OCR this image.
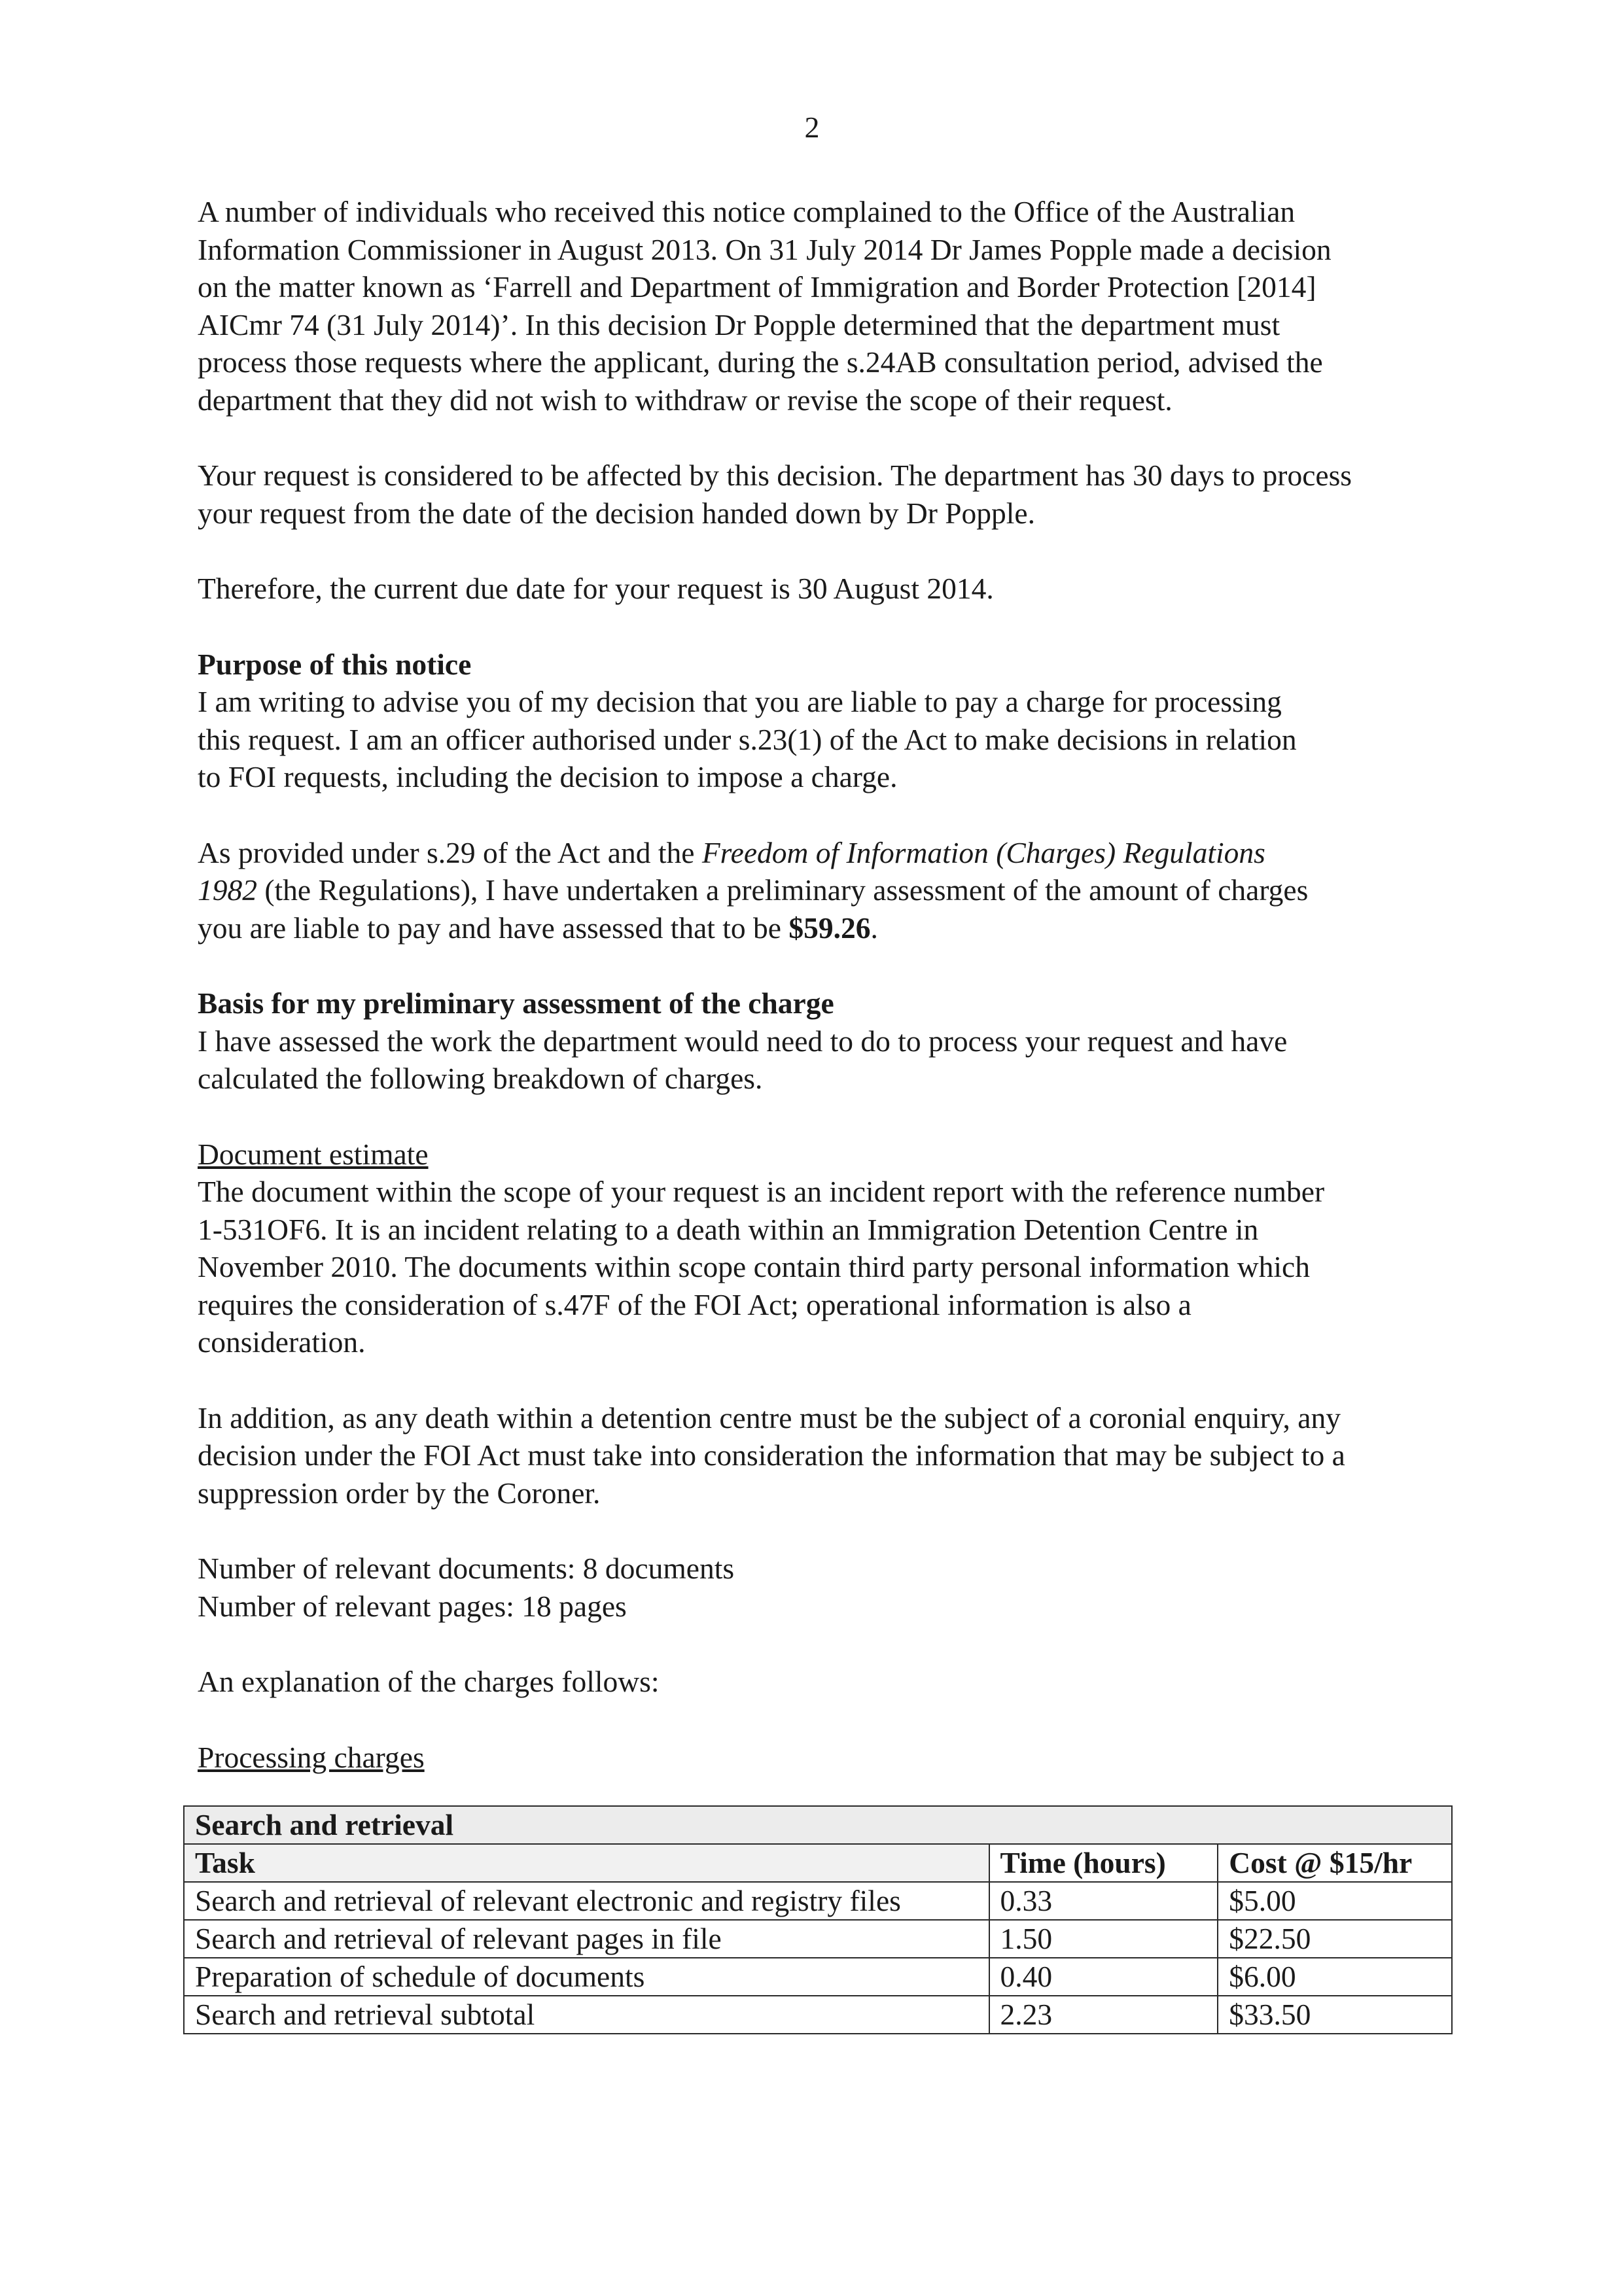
2

A number of individuals who received this notice complained to the Office of the Australian

Information Commissioner in August 2013. On 31 July 2014 Dr James Popple made a decision

on the matter known as ‘Farrell and Department of Immigration and Border Protection [2014]

AICmr 74 (31 July 2014)’. In this decision Dr Popple determined that the department must

process those requests where the applicant, during the s.24AB consultation period, advised the

department that they did not wish to withdraw or revise the scope of their request.

Your request is considered to be affected by this decision. The department has 30 days to process

your request from the date of the decision handed down by Dr Popple.

Therefore, the current due date for your request is 30 August 2014.

Purpose of this notice

I am writing to advise you of my decision that you are liable to pay a charge for processing

this request. I am an officer authorised under s.23(1) of the Act to make decisions in relation

to FOI requests, including the decision to impose a charge.

As provided under s.29 of the Act and the Freedom of Information (Charges) Regulations

1982 (the Regulations), I have undertaken a preliminary assessment of the amount of charges

you are liable to pay and have assessed that to be $59.26.

Basis for my preliminary assessment of the charge

I have assessed the work the department would need to do to process your request and have

calculated the following breakdown of charges.

Document estimate

The document within the scope of your request is an incident report with the reference number

1-531OF6. It is an incident relating to a death within an Immigration Detention Centre in

November 2010. The documents within scope contain third party personal information which

requires the consideration of s.47F of the FOI Act; operational information is also a

consideration.

In addition, as any death within a detention centre must be the subject of a coronial enquiry, any

decision under the FOI Act must take into consideration the information that may be subject to a

suppression order by the Coroner.

Number of relevant documents: 8 documents

Number of relevant pages: 18 pages

An explanation of the charges follows:

Processing charges

Search and retrieval		
Task	Time (hours)	Cost @ $15/hr
Search and retrieval of relevant electronic and registry files	0.33	$5.00
Search and retrieval of relevant pages in file	1.50	$22.50
Preparation of schedule of documents	0.40	$6.00
Search and retrieval subtotal	2.23	$33.50
